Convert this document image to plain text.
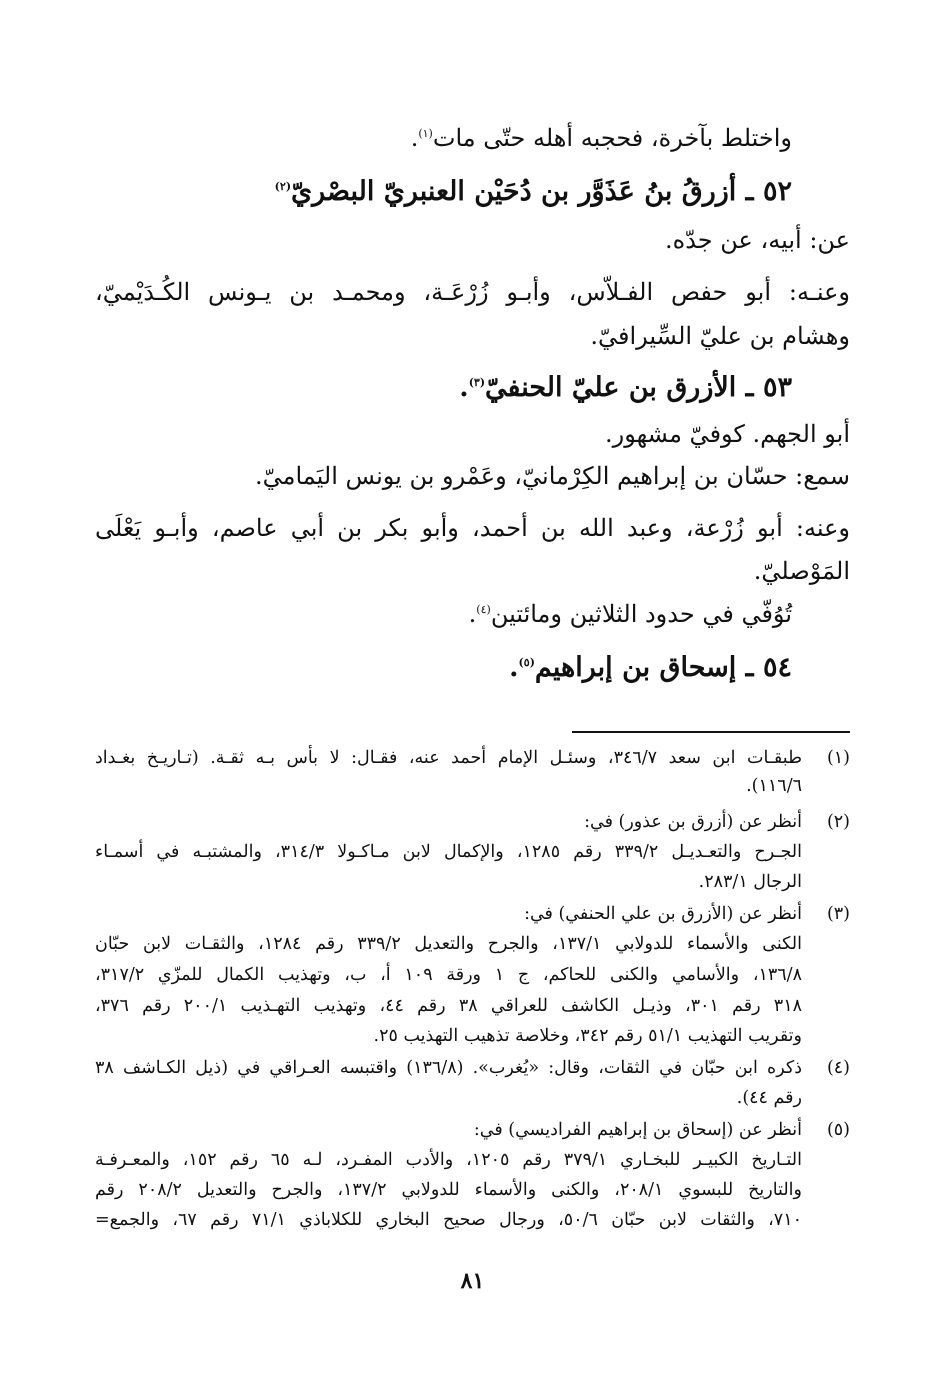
واختلط بآخرة، فحجبه أهله حتّى مات$^{(١)}$.
٥٢ ـ أزرقُ بنُ عَذَوَّر بن دُحَيْن العنبريّ البصْريّ$^{(٢)}$
عن: أبيه، عن جدّه.
وعنـه: أبو حفص الفـلاّس، وأبـو زُرْعَـة، ومحمـد بن يـونس الكُـدَيْميّ،
وهشام بن عليّ السِّيرافيّ.
٥٣ ـ الأزرق بن عليّ الحنفيّ$^{(٣)}$.
أبو الجهم. كوفيّ مشهور.
سمع: حسّان بن إبراهيم الكِرْمانيّ، وعَمْرو بن يونس اليَماميّ.
وعنه: أبو زُرْعة، وعبد الله بن أحمد، وأبو بكر بن أبي عاصم، وأبـو يَعْلَى
المَوْصليّ.
تُوُفّي في حدود الثلاثين ومائتين$^{(٤)}$.
٥٤ ـ إسحاق بن إبراهيم$^{(٥)}$.
(١)
طبقـات ابن سعد ٣٤٦/٧، وسئـل الإمام أحمد عنه، فقـال: لا بأس بـه ثقـة. (تـاريـخ بغـداد
١١٦/٦).
(٢)
أنظر عن (أزرق بن عذور) في:
الجـرح والتعـديـل ٣٣٩/٢ رقم ١٢٨٥، والإكمال لابن مـاكـولا ٣١٤/٣، والمشتبـه في أسمـاء
الرجال ٢٨٣/١.
(٣)
أنظر عن (الأزرق بن علي الحنفي) في:
الكنى والأسماء للدولابي ١٣٧/١، والجرح والتعديل ٣٣٩/٢ رقم ١٢٨٤، والثقـات لابن حبّان
١٣٦/٨، والأسامي والكنى للحاكم، ج ١ ورقة ١٠٩ أ، ب، وتهذيب الكمال للمزّي ٣١٧/٢،
٣١٨ رقم ٣٠١، وذيـل الكاشف للعراقي ٣٨ رقم ٤٤، وتهذيب التهـذيب ٢٠٠/١ رقم ٣٧٦،
وتقريب التهذيب ٥١/١ رقم ٣٤٢، وخلاصة تذهيب التهذيب ٢٥.
(٤)
ذكره ابن حبّان في الثقات، وقال: «يُغرب». (١٣٦/٨) واقتبسه العـراقي في (ذيل الكـاشف ٣٨
رقم ٤٤).
(٥)
أنظر عن (إسحاق بن إبراهيم الفراديسي) في:
التـاريخ الكبيـر للبخـاري ٣٧٩/١ رقم ١٢٠٥، والأدب المفـرد، لـه ٦٥ رقم ١٥٢، والمعـرفـة
والتاريخ للبسوي ٢٠٨/١، والكنى والأسماء للدولابي ١٣٧/٢، والجرح والتعديل ٢٠٨/٢ رقم
٧١٠، والثقات لابن حبّان ٥٠/٦، ورجال صحيح البخاري للكلاباذي ٧١/١ رقم ٦٧، والجمع=
٨١
